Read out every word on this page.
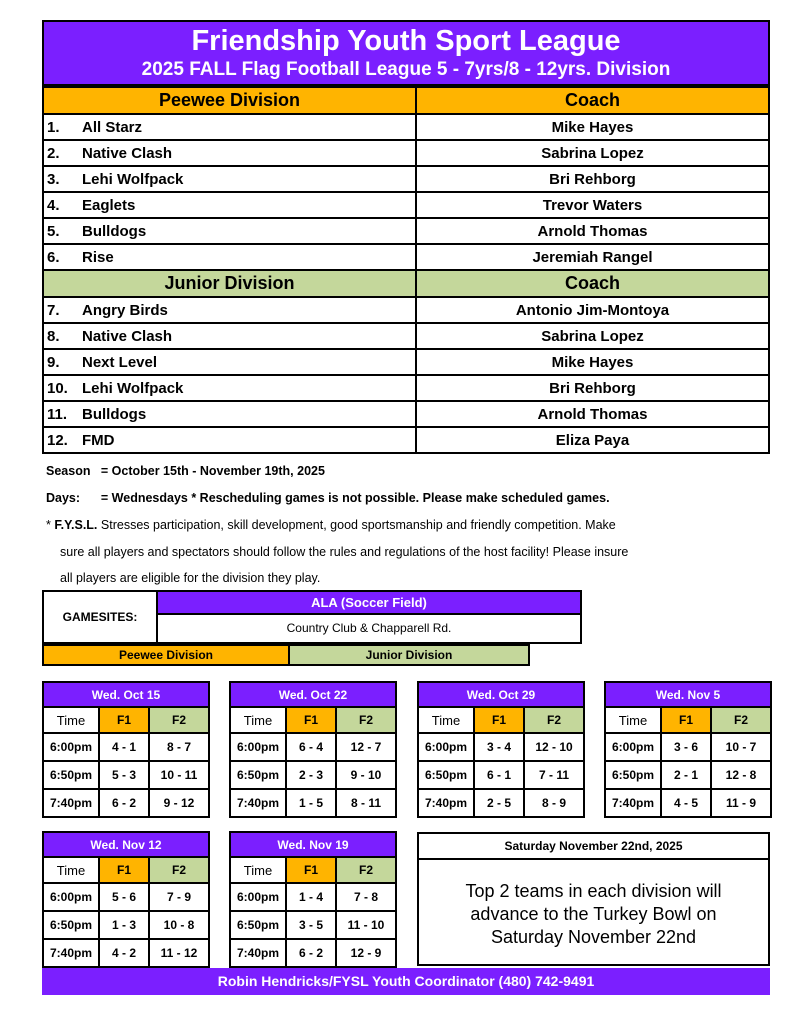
Friendship Youth Sport League
2025 FALL Flag Football League 5 - 7yrs/8 - 12yrs. Division
Peewee Division		Coach
1.	All Starz	Mike Hayes
2.	Native Clash	Sabrina Lopez
3.	Lehi Wolfpack	Bri Rehborg
4.	Eaglets	Trevor Waters
5.	Bulldogs	Arnold Thomas
6.	Rise	Jeremiah Rangel
Junior Division		Coach
7.	Angry Birds	Antonio Jim-Montoya
8.	Native Clash	Sabrina Lopez
9.	Next Level	Mike Hayes
10.	Lehi Wolfpack	Bri Rehborg
11.	Bulldogs	Arnold Thomas
12.	FMD	Eliza Paya
Season = October 15th - November 19th, 2025
Days: = Wednesdays * Rescheduling games is not possible. Please make scheduled games.
* F.Y.S.L. Stresses participation, skill development, good sportsmanship and friendly competition. Make
sure all players and spectators should follow the rules and regulations of the host facility! Please insure
all players are eligible for the division they play.
GAMESITES:
ALA (Soccer Field)
Country Club & Chapparell Rd.
Peewee Division	Junior Division
Wed. Oct 15		
Time	F1	F2
6:00pm	4 - 1	8 - 7
6:50pm	5 - 3	10 - 11
7:40pm	6 - 2	9 - 12
Wed. Oct 22		
Time	F1	F2
6:00pm	6 - 4	12 - 7
6:50pm	2 - 3	9 - 10
7:40pm	1 - 5	8 - 11
Wed. Oct 29		
Time	F1	F2
6:00pm	3 - 4	12 - 10
6:50pm	6 - 1	7 - 11
7:40pm	2 - 5	8 - 9
Wed. Nov 5		
Time	F1	F2
6:00pm	3 - 6	10 - 7
6:50pm	2 - 1	12 - 8
7:40pm	4 - 5	11 - 9
Wed. Nov 12		
Time	F1	F2
6:00pm	5 - 6	7 - 9
6:50pm	1 - 3	10 - 8
7:40pm	4 - 2	11 - 12
Wed. Nov 19		
Time	F1	F2
6:00pm	1 - 4	7 - 8
6:50pm	3 - 5	11 - 10
7:40pm	6 - 2	12 - 9
Saturday November 22nd, 2025
Top 2 teams in each division will advance to the Turkey Bowl on Saturday November 22nd
Robin Hendricks/FYSL Youth Coordinator (480) 742-9491
